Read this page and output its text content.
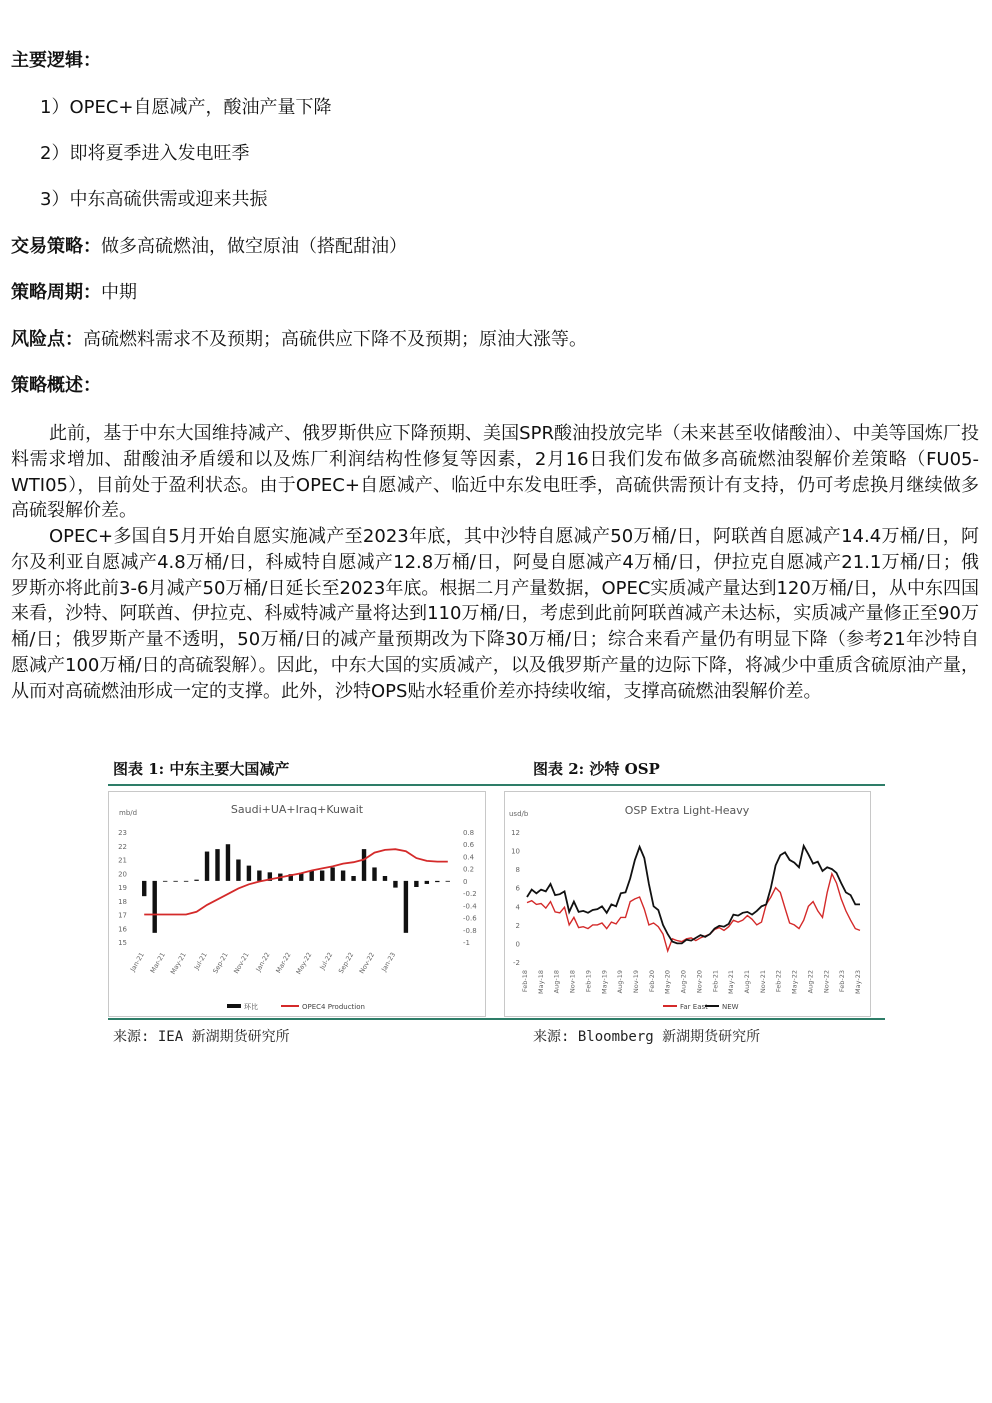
主要逻辑：
1）OPEC+自愿减产，酸油产量下降
2）即将夏季进入发电旺季
3）中东高硫供需或迎来共振
交易策略：做多高硫燃油，做空原油（搭配甜油）
策略周期：中期
风险点：高硫燃料需求不及预期；高硫供应下降不及预期；原油大涨等。
策略概述：
此前，基于中东大国维持减产、俄罗斯供应下降预期、美国SPR酸油投放完毕（未来甚至收储酸油）、中美等国炼厂投料需求增加、甜酸油矛盾缓和以及炼厂利润结构性修复等因素，2月16日我们发布做多高硫燃油裂解价差策略（FU05-WTI05），目前处于盈利状态。由于OPEC+自愿减产、临近中东发电旺季，高硫供需预计有支持，仍可考虑换月继续做多高硫裂解价差。
OPEC+多国自5月开始自愿实施减产至2023年底，其中沙特自愿减产50万桶/日，阿联酋自愿减产14.4万桶/日，阿尔及利亚自愿减产4.8万桶/日，科威特自愿减产12.8万桶/日，阿曼自愿减产4万桶/日，伊拉克自愿减产21.1万桶/日；俄罗斯亦将此前3-6月减产50万桶/日延长至2023年底。根据二月产量数据，OPEC实质减产量达到120万桶/日，从中东四国来看，沙特、阿联酋、伊拉克、科威特减产量将达到110万桶/日，考虑到此前阿联酋减产未达标，实质减产量修正至90万桶/日；俄罗斯产量不透明，50万桶/日的减产量预期改为下降30万桶/日；综合来看产量仍有明显下降（参考21年沙特自愿减产100万桶/日的高硫裂解）。因此，中东大国的实质减产，以及俄罗斯产量的边际下降，将减少中重质含硫原油产量，从而对高硫燃油形成一定的支撑。此外，沙特OPS贴水轻重价差亦持续收缩，支撑高硫燃油裂解价差。
图表 1: 中东主要大国减产	图表 2: 沙特 OSP
Saudi+UA+Iraq+Kuwait
mb/d
23
22
21
20
19
18
17
16
15
0.8
0.6
0.4
0.2
0
-0.2
-0.4
-0.6
-0.8
-1
Jan-21 Mar-21 May-21 Jul-21 Sep-21 Nov-21 Jan-22 Mar-22 May-22 Jul-22 Sep-22 Nov-22 Jan-23
环比	OPEC4 Production
OSP Extra Light-Heavy
usd/b
12
10
8
6
4
2
0
-2
Feb-18 May-18 Aug-18 Nov-18 Feb-19 May-19 Aug-19 Nov-19 Feb-20 May-20 Aug-20 Nov-20 Feb-21 May-21 Aug-21 Nov-21 Feb-22 May-22 Aug-22 Nov-22 Feb-23 May-23
Far East NEW
来源: IEA 新湖期货研究所	来源: Bloomberg 新湖期货研究所
